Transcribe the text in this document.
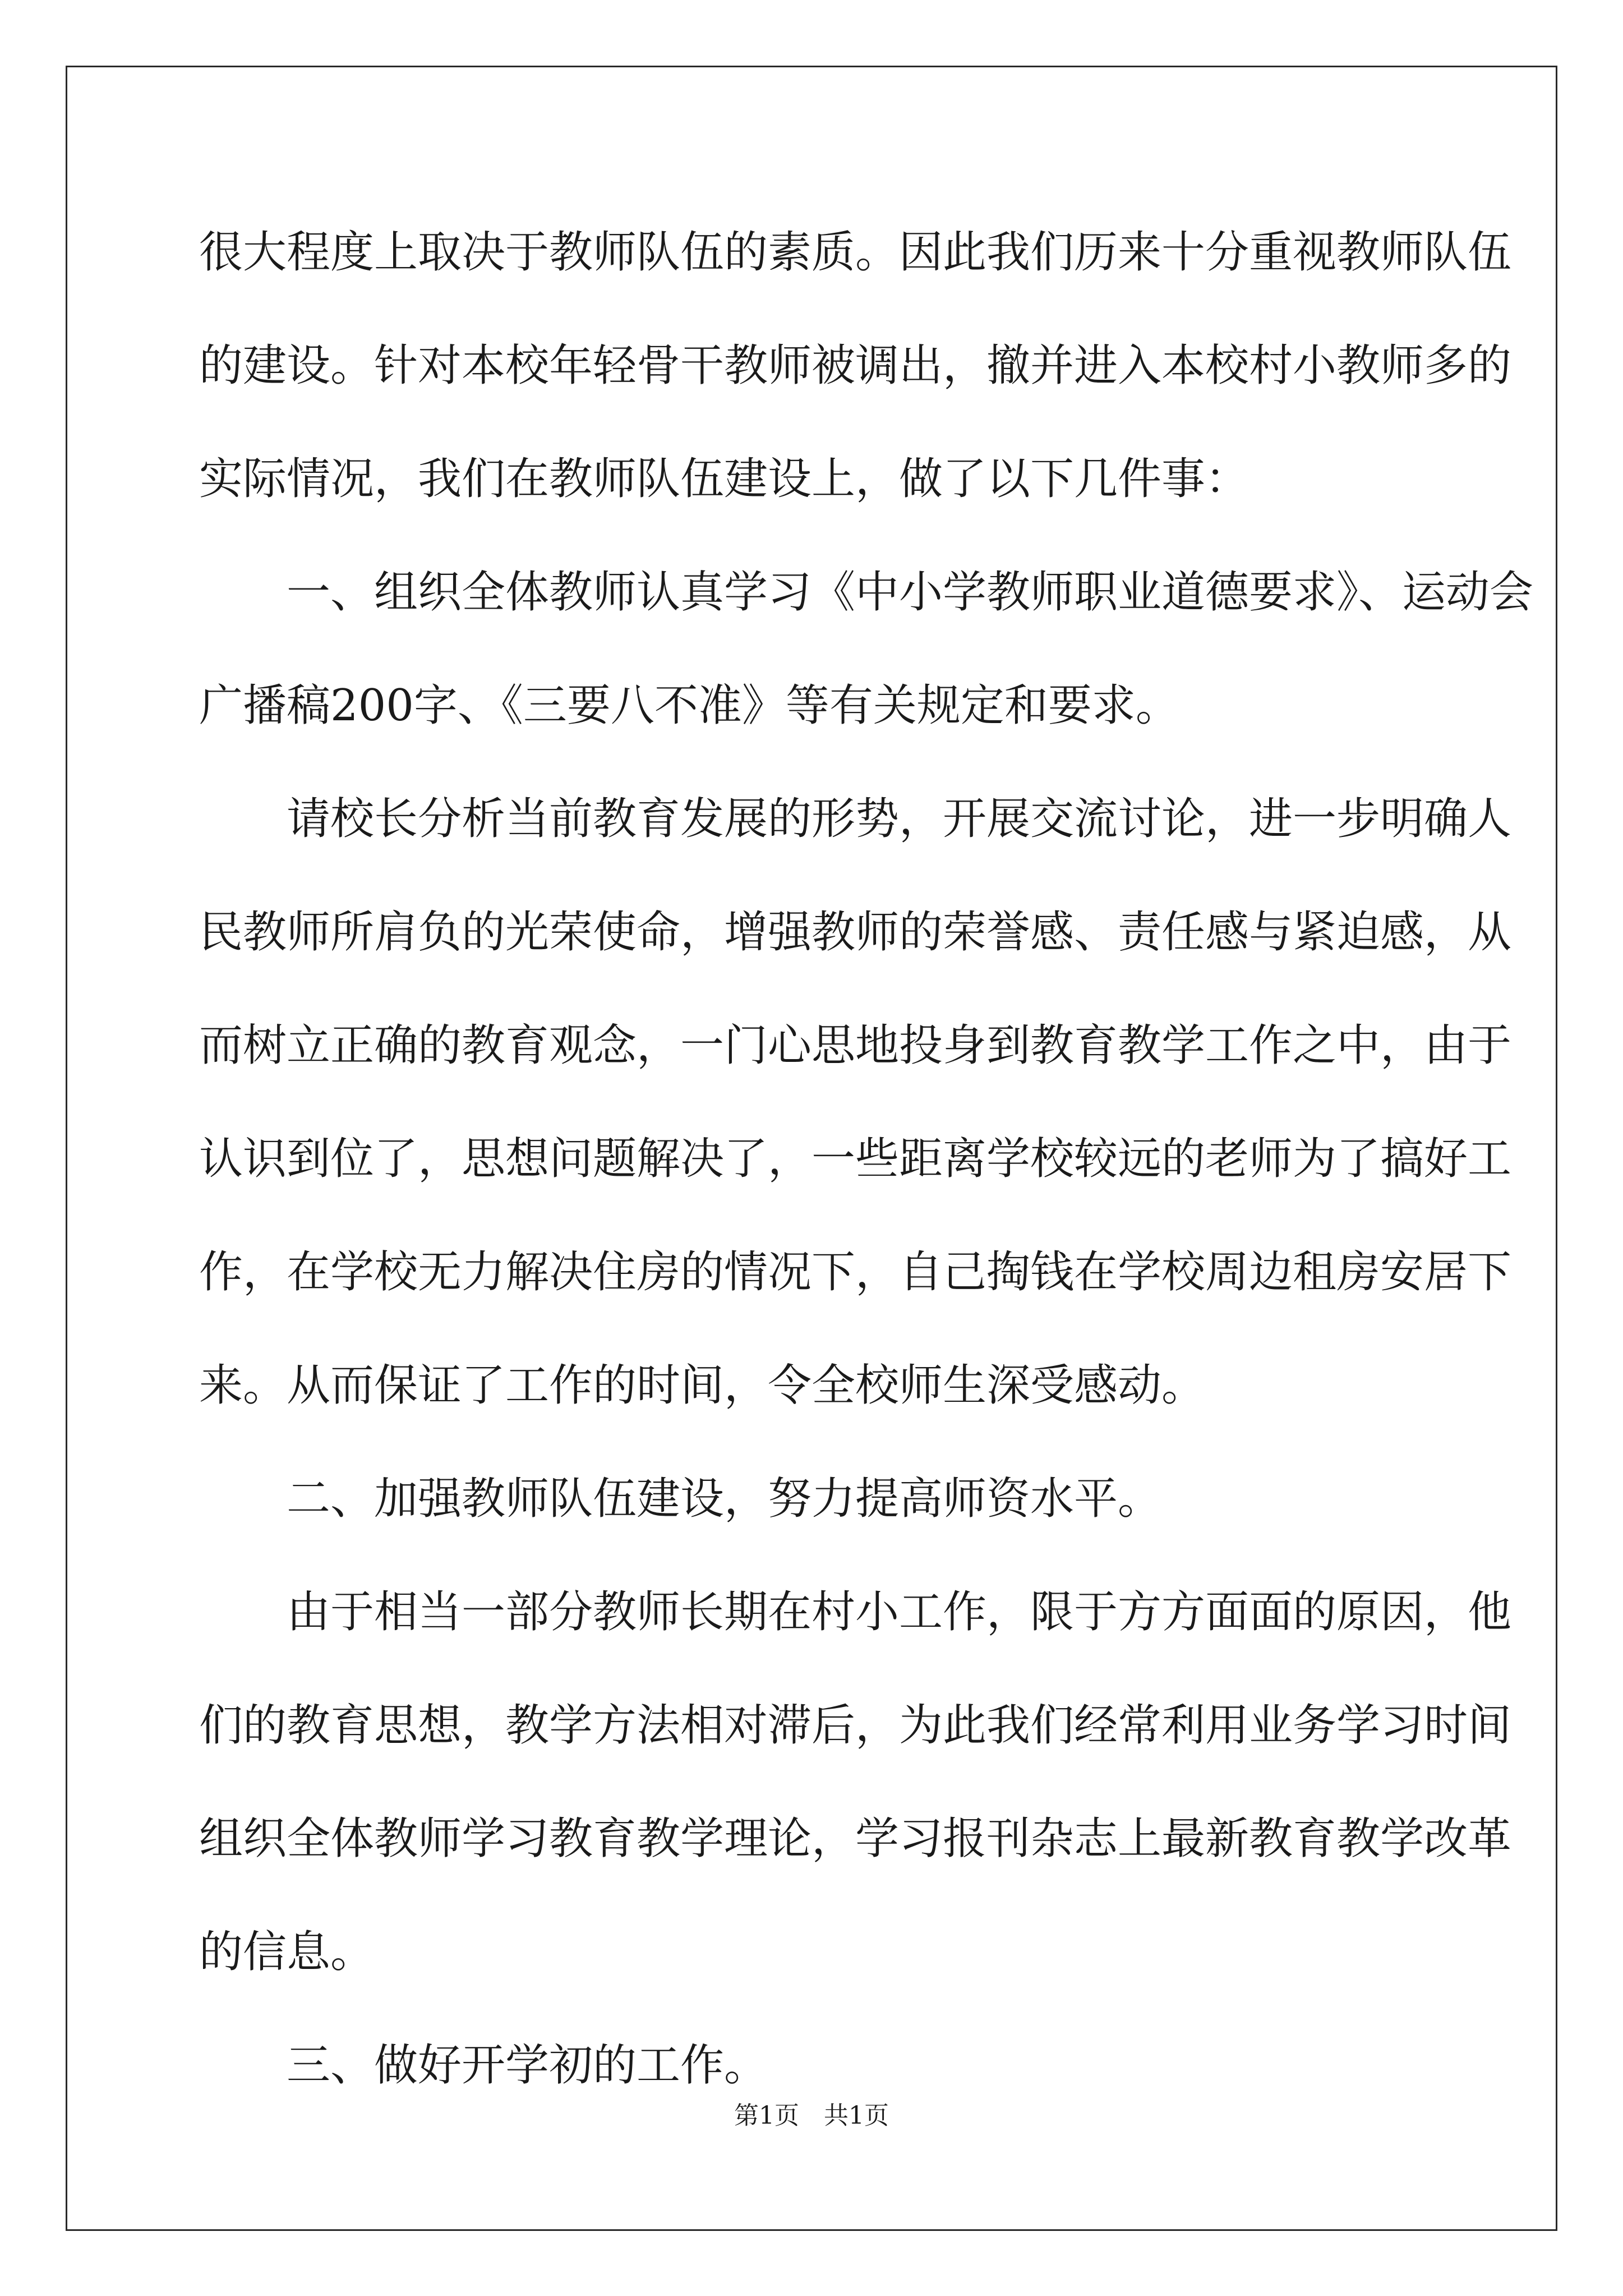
很大程度上取决于教师队伍的素质。因此我们历来十分重视教师队伍
的建设。针对本校年轻骨干教师被调出，撤并进入本校村小教师多的
实际情况，我们在教师队伍建设上，做了以下几件事：
一、组织全体教师认真学习《中小学教师职业道德要求》、运动会
广播稿200字、《三要八不准》等有关规定和要求。
请校长分析当前教育发展的形势，开展交流讨论，进一步明确人
民教师所肩负的光荣使命，增强教师的荣誉感、责任感与紧迫感，从
而树立正确的教育观念，一门心思地投身到教育教学工作之中，由于
认识到位了，思想问题解决了，一些距离学校较远的老师为了搞好工
作，在学校无力解决住房的情况下，自己掏钱在学校周边租房安居下
来。从而保证了工作的时间，令全校师生深受感动。
二、加强教师队伍建设，努力提高师资水平。
由于相当一部分教师长期在村小工作，限于方方面面的原因，他
们的教育思想，教学方法相对滞后，为此我们经常利用业务学习时间
组织全体教师学习教育教学理论，学习报刊杂志上最新教育教学改革
的信息。
三、做好开学初的工作。
第1页　共1页
